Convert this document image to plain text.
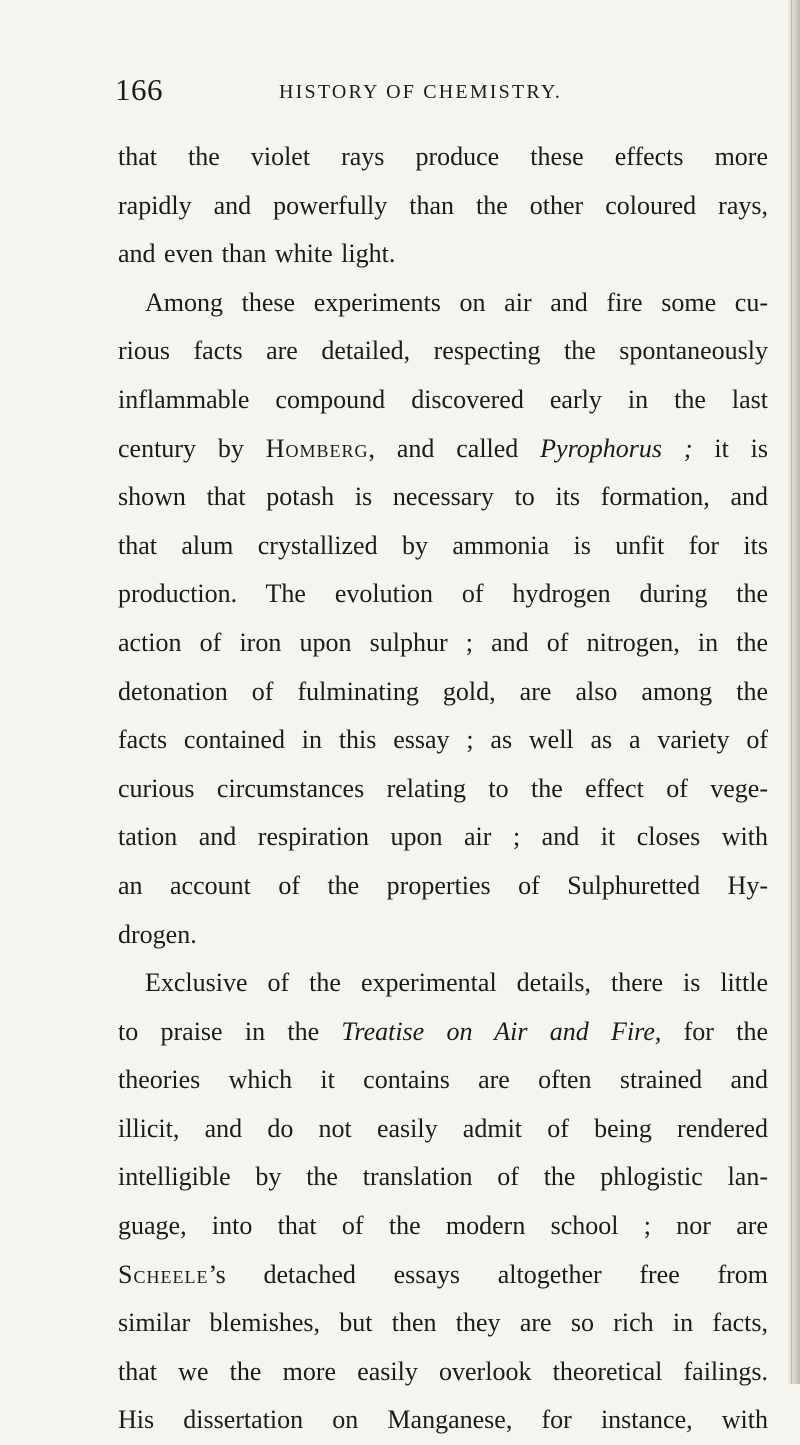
166	HISTORY OF CHEMISTRY.
that the violet rays produce these effects more
rapidly and powerfully than the other coloured rays,
and even than white light.
Among these experiments on air and fire some cu-
rious facts are detailed, respecting the spontaneously
inflammable compound discovered early in the last
century by Homberg, and called Pyrophorus ; it is
shown that potash is necessary to its formation, and
that alum crystallized by ammonia is unfit for its
production. The evolution of hydrogen during the
action of iron upon sulphur ; and of nitrogen, in the
detonation of fulminating gold, are also among the
facts contained in this essay ; as well as a variety of
curious circumstances relating to the effect of vege-
tation and respiration upon air ; and it closes with
an account of the properties of Sulphuretted Hy-
drogen.
Exclusive of the experimental details, there is little
to praise in the Treatise on Air and Fire, for the
theories which it contains are often strained and
illicit, and do not easily admit of being rendered
intelligible by the translation of the phlogistic lan-
guage, into that of the modern school ; nor are
Scheele’s detached essays altogether free from
similar blemishes, but then they are so rich in facts,
that we the more easily overlook theoretical failings.
His dissertation on Manganese, for instance, with
